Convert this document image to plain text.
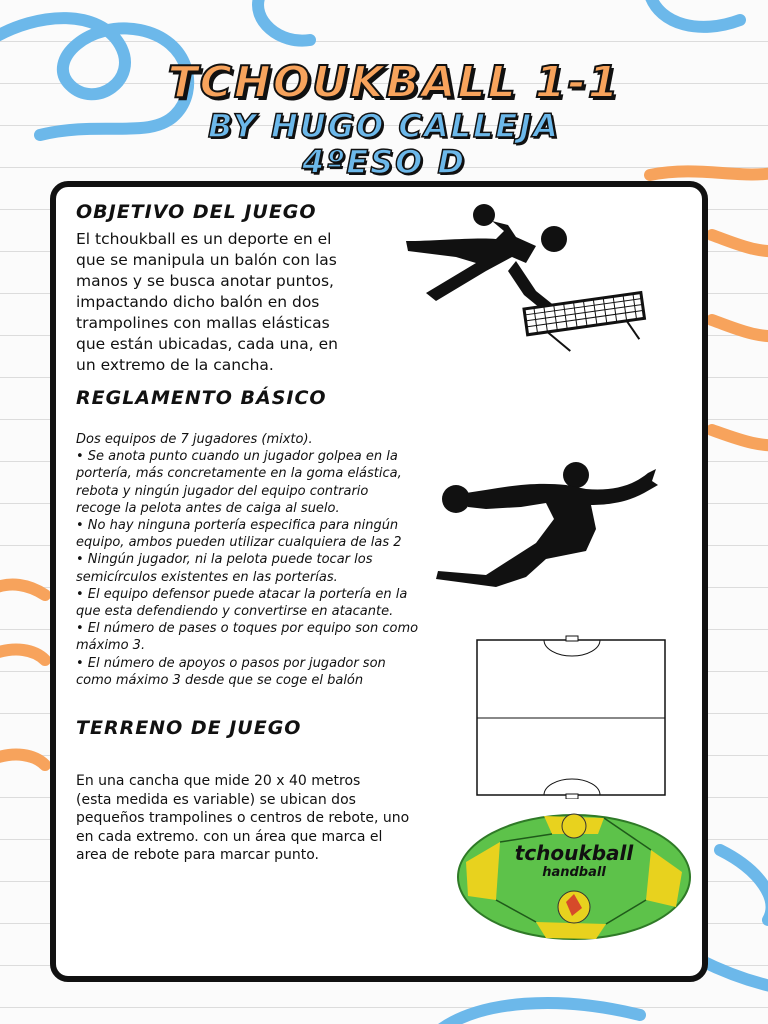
TCHOUKBALL 1-1
BY HUGO CALLEJA
4ºESO D
OBJETIVO DEL JUEGO
El tchoukball es un deporte en el
que se manipula un balón con las
manos y se busca anotar puntos,
impactando dicho balón en dos
trampolines con mallas elásticas
que están ubicadas, cada una, en
un extremo de la cancha.
REGLAMENTO BÁSICO
Dos equipos de 7 jugadores (mixto).
• Se anota punto cuando un jugador golpea en la
portería, más concretamente en la goma elástica,
rebota y ningún jugador del equipo contrario
recoge la pelota antes de caiga al suelo.
• No hay ninguna portería especifica para ningún
equipo, ambos pueden utilizar cualquiera de las 2
• Ningún jugador, ni la pelota puede tocar los
semicírculos existentes en las porterías.
• El equipo defensor puede atacar la portería en la
que esta defendiendo y convertirse en atacante.
• El número de pases o toques por equipo son como
máximo 3.
• El número de apoyos o pasos por jugador son
como máximo 3 desde que se coge el balón
TERRENO DE JUEGO
En una cancha que mide 20 x 40 metros
(esta medida es variable) se ubican dos
pequeños trampolines o centros de rebote, uno
en cada extremo. con un área que marca el
area de rebote para marcar punto.	tchoukball
handball
